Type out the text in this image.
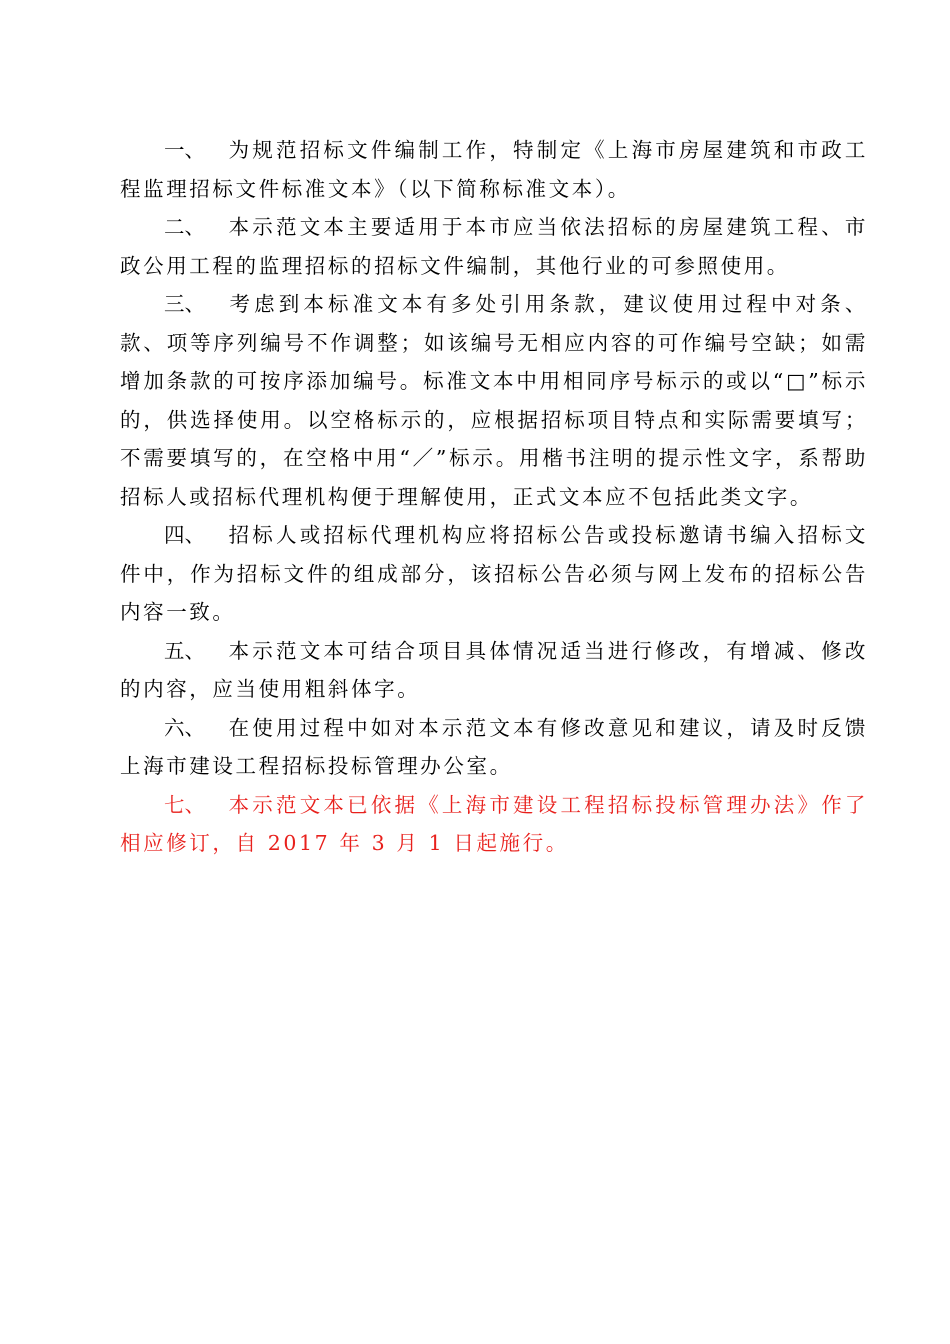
一、 为规范招标文件编制工作，特制定《上海市房屋建筑和市政工程监理招标文件标准文本》（以下简称标准文本）。

二、 本示范文本主要适用于本市应当依法招标的房屋建筑工程、市政公用工程的监理招标的招标文件编制，其他行业的可参照使用。

三、 考虑到本标准文本有多处引用条款，建议使用过程中对条、款、项等序列编号不作调整；如该编号无相应内容的可作编号空缺；如需增加条款的可按序添加编号。标准文本中用相同序号标示的或以“□”标示的，供选择使用。以空格标示的，应根据招标项目特点和实际需要填写；不需要填写的，在空格中用“／”标示。用楷书注明的提示性文字，系帮助招标人或招标代理机构便于理解使用，正式文本应不包括此类文字。

四、 招标人或招标代理机构应将招标公告或投标邀请书编入招标文件中，作为招标文件的组成部分，该招标公告必须与网上发布的招标公告内容一致。

五、 本示范文本可结合项目具体情况适当进行修改，有增减、修改的内容，应当使用粗斜体字。

六、 在使用过程中如对本示范文本有修改意见和建议，请及时反馈上海市建设工程招标投标管理办公室。

七、 本示范文本已依据《上海市建设工程招标投标管理办法》作了相应修订，自 2017 年 3 月 1 日起施行。
